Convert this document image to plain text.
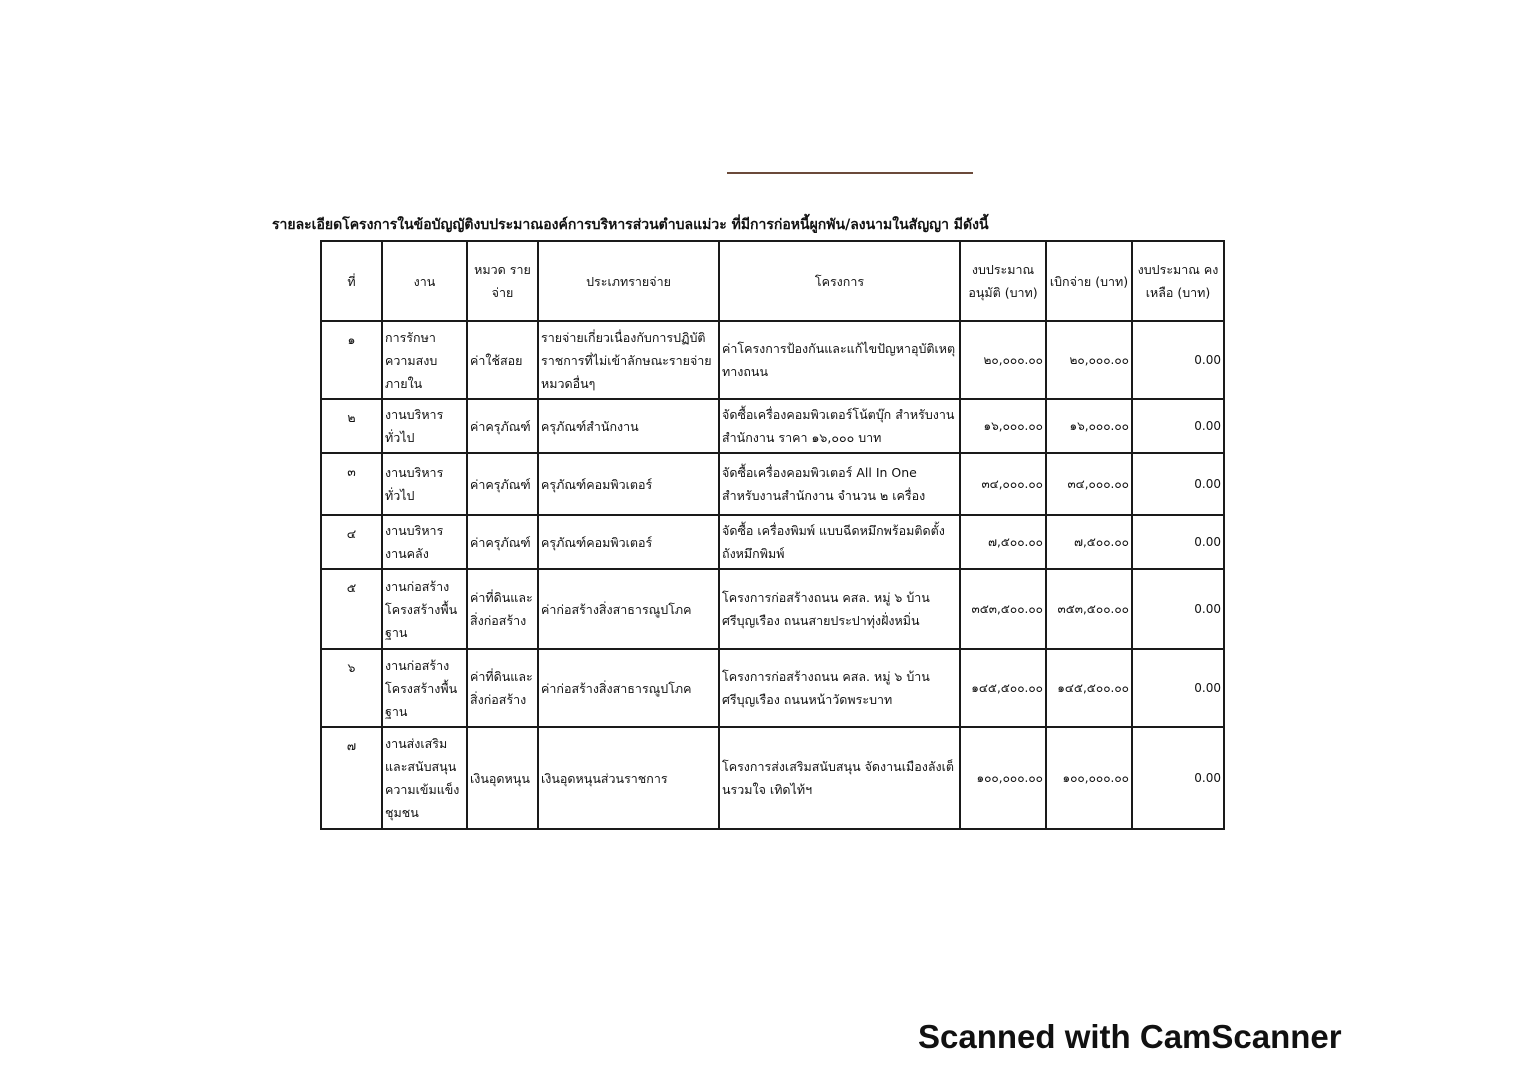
รายละเอียดโครงการในข้อบัญญัติงบประมาณองค์การบริหารส่วนตำบลแม่วะ ที่มีการก่อหนี้ผูกพัน/ลงนามในสัญญา มีดังนี้
ที่	งาน	หมวด รายจ่าย	ประเภทรายจ่าย	โครงการ	งบประมาณ อนุมัติ (บาท)	เบิกจ่าย (บาท)	งบประมาณ คงเหลือ (บาท)
๑	การรักษาความสงบภายใน	ค่าใช้สอย	รายจ่ายเกี่ยวเนื่องกับการปฏิบัติราชการที่ไม่เข้าลักษณะรายจ่ายหมวดอื่นๆ	ค่าโครงการป้องกันและแก้ไขปัญหาอุบัติเหตุทางถนน	๒๐,๐๐๐.๐๐	๒๐,๐๐๐.๐๐	0.00
๒	งานบริหารทั่วไป	ค่าครุภัณฑ์	ครุภัณฑ์สำนักงาน	จัดซื้อเครื่องคอมพิวเตอร์โน้ตบุ๊ก สำหรับงานสำนักงาน ราคา ๑๖,๐๐๐ บาท	๑๖,๐๐๐.๐๐	๑๖,๐๐๐.๐๐	0.00
๓	งานบริหารทั่วไป	ค่าครุภัณฑ์	ครุภัณฑ์คอมพิวเตอร์	จัดซื้อเครื่องคอมพิวเตอร์ All In One สำหรับงานสำนักงาน จำนวน ๒ เครื่อง	๓๔,๐๐๐.๐๐	๓๔,๐๐๐.๐๐	0.00
๔	งานบริหารงานคลัง	ค่าครุภัณฑ์	ครุภัณฑ์คอมพิวเตอร์	จัดซื้อ เครื่องพิมพ์ แบบฉีดหมึกพร้อมติดตั้งถังหมึกพิมพ์	๗,๕๐๐.๐๐	๗,๕๐๐.๐๐	0.00
๕	งานก่อสร้างโครงสร้างพื้นฐาน	ค่าที่ดินและสิ่งก่อสร้าง	ค่าก่อสร้างสิ่งสาธารณูปโภค	โครงการก่อสร้างถนน คสล. หมู่ ๖ บ้านศรีบุญเรือง ถนนสายประปาทุ่งฝั่งหมิ่น	๓๕๓,๕๐๐.๐๐	๓๕๓,๕๐๐.๐๐	0.00
๖	งานก่อสร้างโครงสร้างพื้นฐาน	ค่าที่ดินและสิ่งก่อสร้าง	ค่าก่อสร้างสิ่งสาธารณูปโภค	โครงการก่อสร้างถนน คสล. หมู่ ๖ บ้านศรีบุญเรือง ถนนหน้าวัดพระบาท	๑๔๕,๕๐๐.๐๐	๑๔๕,๕๐๐.๐๐	0.00
๗	งานส่งเสริมและสนับสนุนความเข้มแข็งชุมชน	เงินอุดหนุน	เงินอุดหนุนส่วนราชการ	โครงการส่งเสริมสนับสนุน จัดงานเมืองลังเต็นรวมใจ เทิดไท้ฯ	๑๐๐,๐๐๐.๐๐	๑๐๐,๐๐๐.๐๐	0.00
Scanned with CamScanner
